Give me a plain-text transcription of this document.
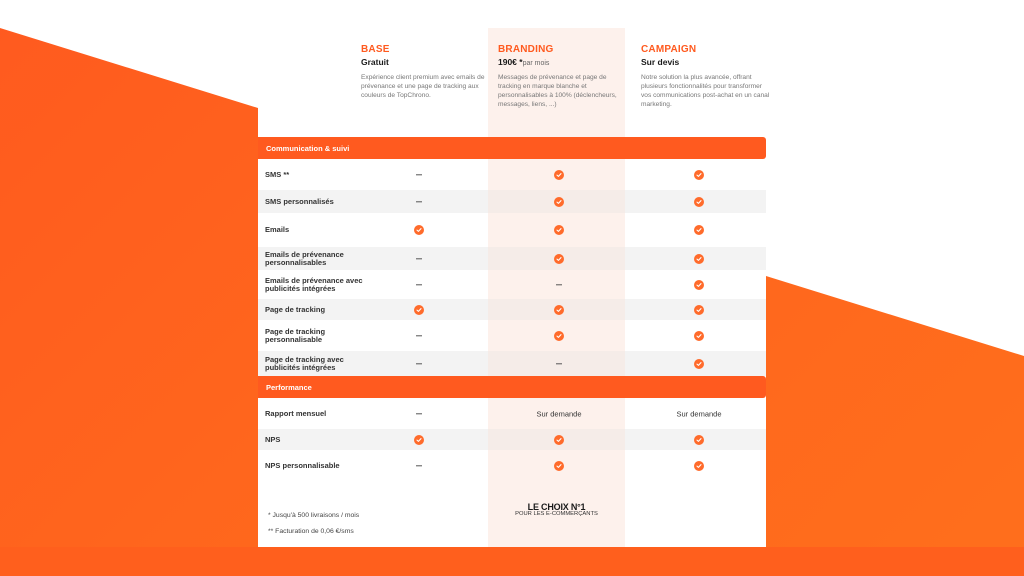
BASE
Gratuit
Expérience client premium avec emails de prévenance et une page de tracking aux couleurs de TopChrono.
BRANDING
190€ *par mois
Messages de prévenance et page de tracking en marque blanche et personnalisables à 100% (déclencheurs, messages, liens, ...)
CAMPAIGN
Sur devis
Notre solution la plus avancée, offrant plusieurs fonctionnalités pour transformer vos communications post-achat en un canal marketing.
Communication & suivi
SMS **
SMS personnalisés
Emails
Emails de prévenance personnalisables
Emails de prévenance avec publicités intégrées
Page de tracking
Page de tracking personnalisable
Page de tracking avec publicités intégrées
Performance
Rapport mensuel	Sur demande	Sur demande
NPS
NPS personnalisable
* Jusqu'à 500 livraisons / mois
** Facturation de 0,06 €/sms
LE CHOIX N°1
POUR LES E-COMMERÇANTS
